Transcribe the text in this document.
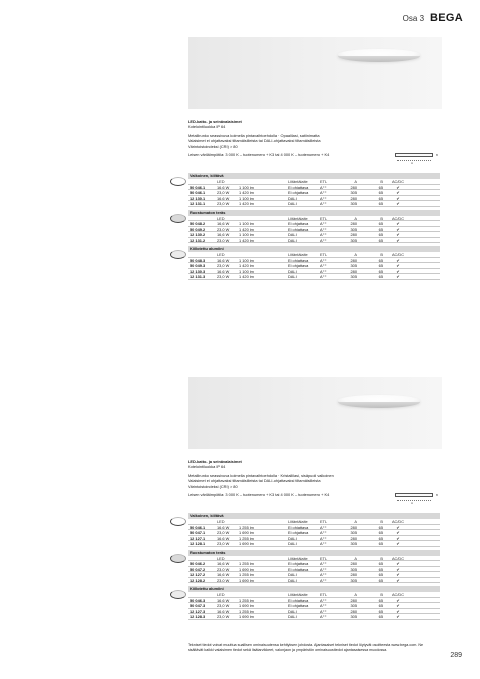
Osa 3 BEGA

LED-katto- ja seinävalaisimet
Kotelointiluokka IP 64

Metallirunko seassivuva kolmella pintavaihtoehdolla · Opaalilasi, satiinimatta
Valaisimet ei ohjattavaksi tiltamäisilleista tai DALI-ohjattavaksi tiltamäisilleista
Värintoistoindeksi (CRI) > 80

Leisen väriläimpötila: 3 000 K – tuotenumero + K3 tai 4 000 K – tuotenumero + K4

A
B
Valkoinen, kiiltävä
LED	Liitäntälaite	ETL	A	B	AC/DC
50 046.1	16,6 W	1 100 lm	Ei ohjattava	A⁺⁺	280	65	✔
50 046.1	23,0 W	1 420 lm	Ei ohjattava	A⁺⁺	305	65	✔
12 130.1	16,6 W	1 100 lm	DALI	A⁺⁺	280	65	✔
12 131.1	23,0 W	1 420 lm	DALI	A⁺⁺	305	65	✔
Ruostumaton teräs
LED	Liitäntälaite	ETL	A	B	AC/DC
50 048.2	16,6 W	1 100 lm	Ei ohjattava	A⁺⁺	280	65	✔
50 049.2	23,0 W	1 420 lm	Ei ohjattava	A⁺⁺	305	65	✔
12 130.2	16,6 W	1 100 lm	DALI	A⁺⁺	280	65	✔
12 131.2	23,0 W	1 420 lm	DALI	A⁺⁺	305	65	✔
Kiillotettu alumiini
LED	Liitäntälaite	ETL	A	B	AC/DC
50 048.3	16,6 W	1 100 lm	Ei ohjattava	A⁺⁺	280	65	✔
50 049.3	23,0 W	1 420 lm	Ei ohjattava	A⁺⁺	305	65	✔
12 130.3	16,6 W	1 100 lm	DALI	A⁺⁺	280	65	✔
12 131.3	23,0 W	1 420 lm	DALI	A⁺⁺	305	65	✔

LED-katto- ja seinävalaisimet
Kotelointiluokka IP 64

Metallirunko seassivuva kolmella pintavaihtoehdolla · Kristallilasi, sisäpuoli valkoinen
Valaisimet ei ohjattavaksi tiltamäisilleista tai DALI-ohjattavaksi tiltamäisilleista
Värintoistoindeksi (CRI) > 80

Leisen väriläimpötila: 3 000 K – tuotenumero + K3 tai 4 000 K – tuotenumero + K4

A
B
Valkoinen, kiiltävä
LED	Liitäntälaite	ETL	A	B	AC/DC
50 046.1	16,6 W	1 255 lm	Ei ohjattava	A⁺⁺	280	65	✔
50 047.1	23,0 W	1 690 lm	Ei ohjattava	A⁺⁺	305	65	✔
12 127.1	16,6 W	1 255 lm	DALI	A⁺⁺	280	65	✔
12 128.1	23,0 W	1 690 lm	DALI	A⁺⁺	305	65	✔
Ruostumaton teräs
LED	Liitäntälaite	ETL	A	B	AC/DC
50 046.2	16,6 W	1 255 lm	Ei ohjattava	A⁺⁺	280	65	✔
50 047.2	23,0 W	1 690 lm	Ei ohjattava	A⁺⁺	305	65	✔
12 127.2	16,6 W	1 255 lm	DALI	A⁺⁺	280	65	✔
12 128.2	23,0 W	1 690 lm	DALI	A⁺⁺	305	65	✔
Kiillotettu alumiini
LED	Liitäntälaite	ETL	A	B	AC/DC
50 046.3	16,6 W	1 255 lm	Ei ohjattava	A⁺⁺	280	65	✔
50 047.3	23,0 W	1 690 lm	Ei ohjattava	A⁺⁺	305	65	✔
12 127.3	16,6 W	1 255 lm	DALI	A⁺⁺	280	65	✔
12 128.3	23,0 W	1 690 lm	DALI	A⁺⁺	305	65	✔
Tekniset tiedot voivat muuttua suallisen ominaisuutensa kehityksen johdosta. Ajantasaiset tekniset tiedot löytyvät osoitteesta www.bega.com. Ne sisältävät kaikki valaisimen tiedot sekä lisätarvikkeet, valonjaon ja ympäristön ominaisuustiedot ajantasaisessa muodossa.
289
